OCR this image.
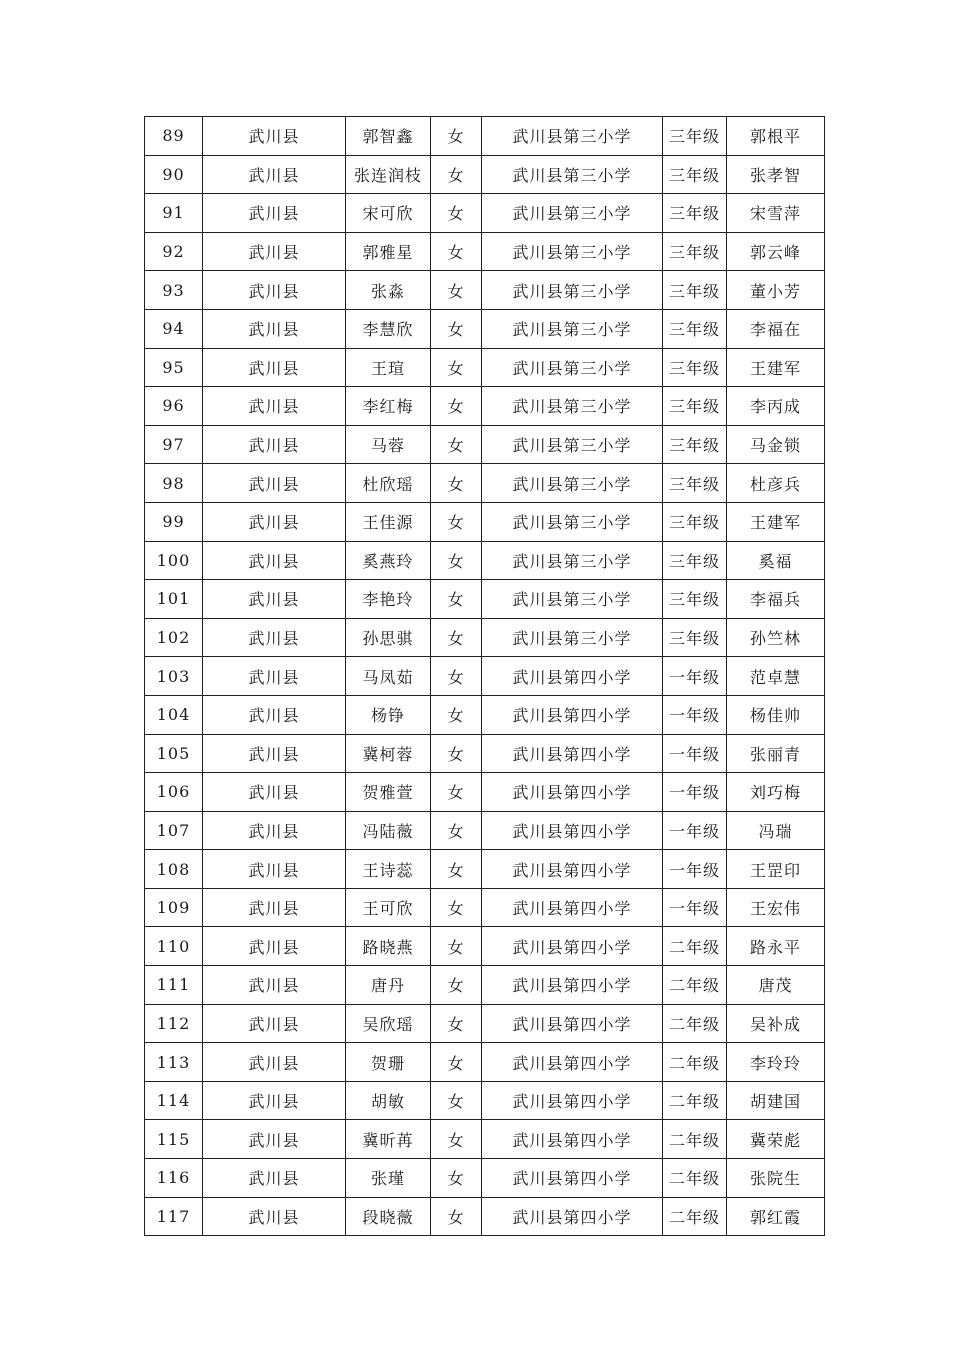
89	武川县	郭智鑫	女	武川县第三小学	三年级	郭根平
90	武川县	张连润枝	女	武川县第三小学	三年级	张孝智
91	武川县	宋可欣	女	武川县第三小学	三年级	宋雪萍
92	武川县	郭雅星	女	武川县第三小学	三年级	郭云峰
93	武川县	张淼	女	武川县第三小学	三年级	董小芳
94	武川县	李慧欣	女	武川县第三小学	三年级	李福在
95	武川县	王瑄	女	武川县第三小学	三年级	王建军
96	武川县	李红梅	女	武川县第三小学	三年级	李丙成
97	武川县	马蓉	女	武川县第三小学	三年级	马金锁
98	武川县	杜欣瑶	女	武川县第三小学	三年级	杜彦兵
99	武川县	王佳源	女	武川县第三小学	三年级	王建军
100	武川县	奚燕玲	女	武川县第三小学	三年级	奚福
101	武川县	李艳玲	女	武川县第三小学	三年级	李福兵
102	武川县	孙思骐	女	武川县第三小学	三年级	孙竺林
103	武川县	马凤茹	女	武川县第四小学	一年级	范卓慧
104	武川县	杨铮	女	武川县第四小学	一年级	杨佳帅
105	武川县	冀柯蓉	女	武川县第四小学	一年级	张丽青
106	武川县	贺雅萱	女	武川县第四小学	一年级	刘巧梅
107	武川县	冯陆薇	女	武川县第四小学	一年级	冯瑞
108	武川县	王诗蕊	女	武川县第四小学	一年级	王罡印
109	武川县	王可欣	女	武川县第四小学	一年级	王宏伟
110	武川县	路晓燕	女	武川县第四小学	二年级	路永平
111	武川县	唐丹	女	武川县第四小学	二年级	唐茂
112	武川县	吴欣瑶	女	武川县第四小学	二年级	吴补成
113	武川县	贺珊	女	武川县第四小学	二年级	李玲玲
114	武川县	胡敏	女	武川县第四小学	二年级	胡建国
115	武川县	冀昕苒	女	武川县第四小学	二年级	冀荣彪
116	武川县	张瑾	女	武川县第四小学	二年级	张院生
117	武川县	段晓薇	女	武川县第四小学	二年级	郭红霞
